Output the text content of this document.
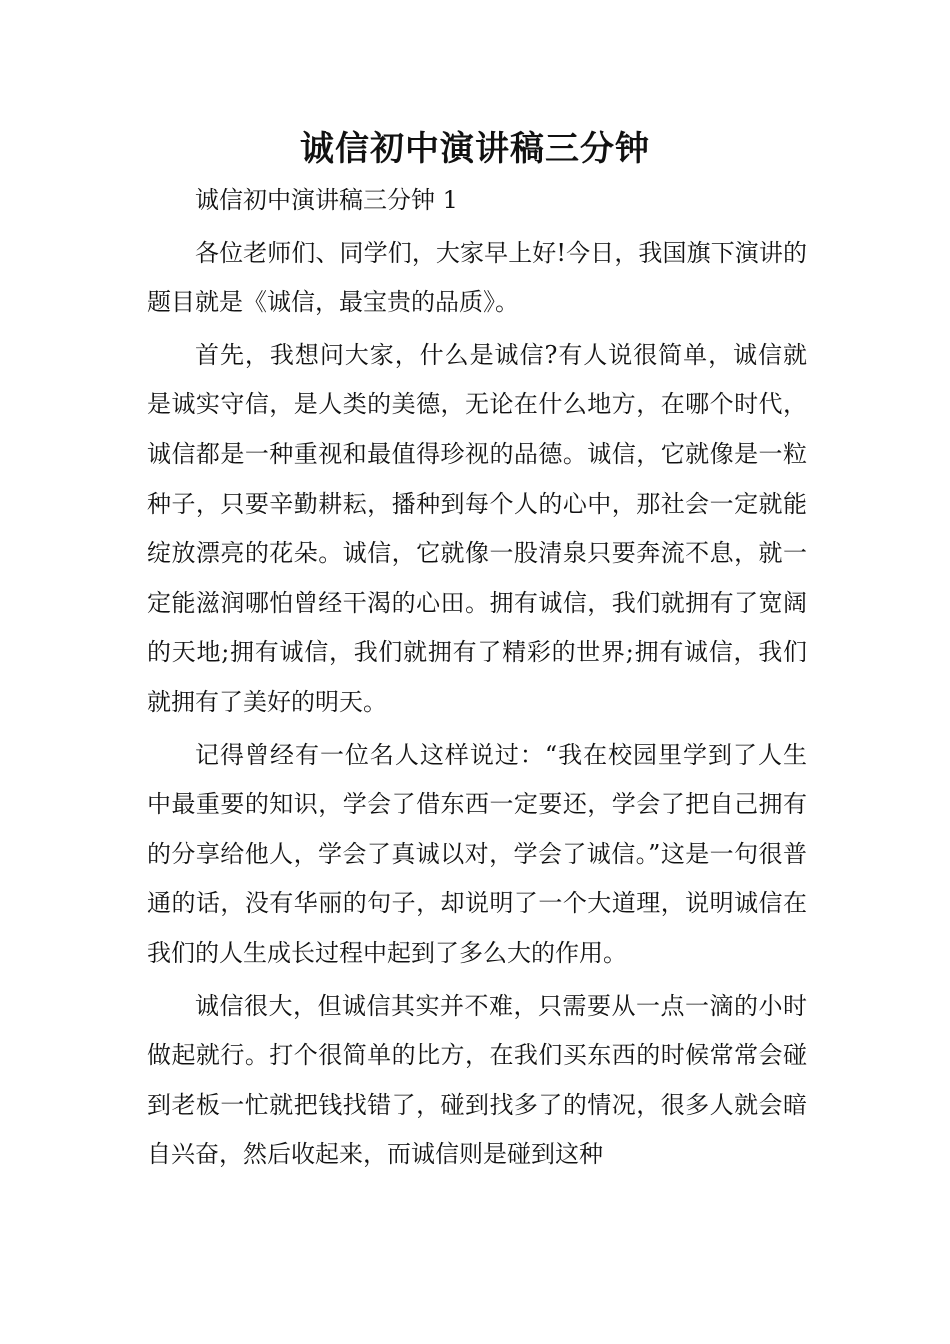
诚信初中演讲稿三分钟

诚信初中演讲稿三分钟 1

各位老师们、同学们，大家早上好!今日，我国旗下演讲的题目就是《诚信，最宝贵的品质》。

首先，我想问大家，什么是诚信?有人说很简单，诚信就是诚实守信，是人类的美德，无论在什么地方，在哪个时代，诚信都是一种重视和最值得珍视的品德。诚信，它就像是一粒种子，只要辛勤耕耘，播种到每个人的心中，那社会一定就能绽放漂亮的花朵。诚信，它就像一股清泉只要奔流不息，就一定能滋润哪怕曾经干渴的心田。拥有诚信，我们就拥有了宽阔的天地;拥有诚信，我们就拥有了精彩的世界;拥有诚信，我们就拥有了美好的明天。

记得曾经有一位名人这样说过：“我在校园里学到了人生中最重要的知识，学会了借东西一定要还，学会了把自己拥有的分享给他人，学会了真诚以对，学会了诚信。”这是一句很普通的话，没有华丽的句子，却说明了一个大道理，说明诚信在我们的人生成长过程中起到了多么大的作用。

诚信很大，但诚信其实并不难，只需要从一点一滴的小时做起就行。打个很简单的比方，在我们买东西的时候常常会碰到老板一忙就把钱找错了，碰到找多了的情况，很多人就会暗自兴奋，然后收起来，而诚信则是碰到这种
